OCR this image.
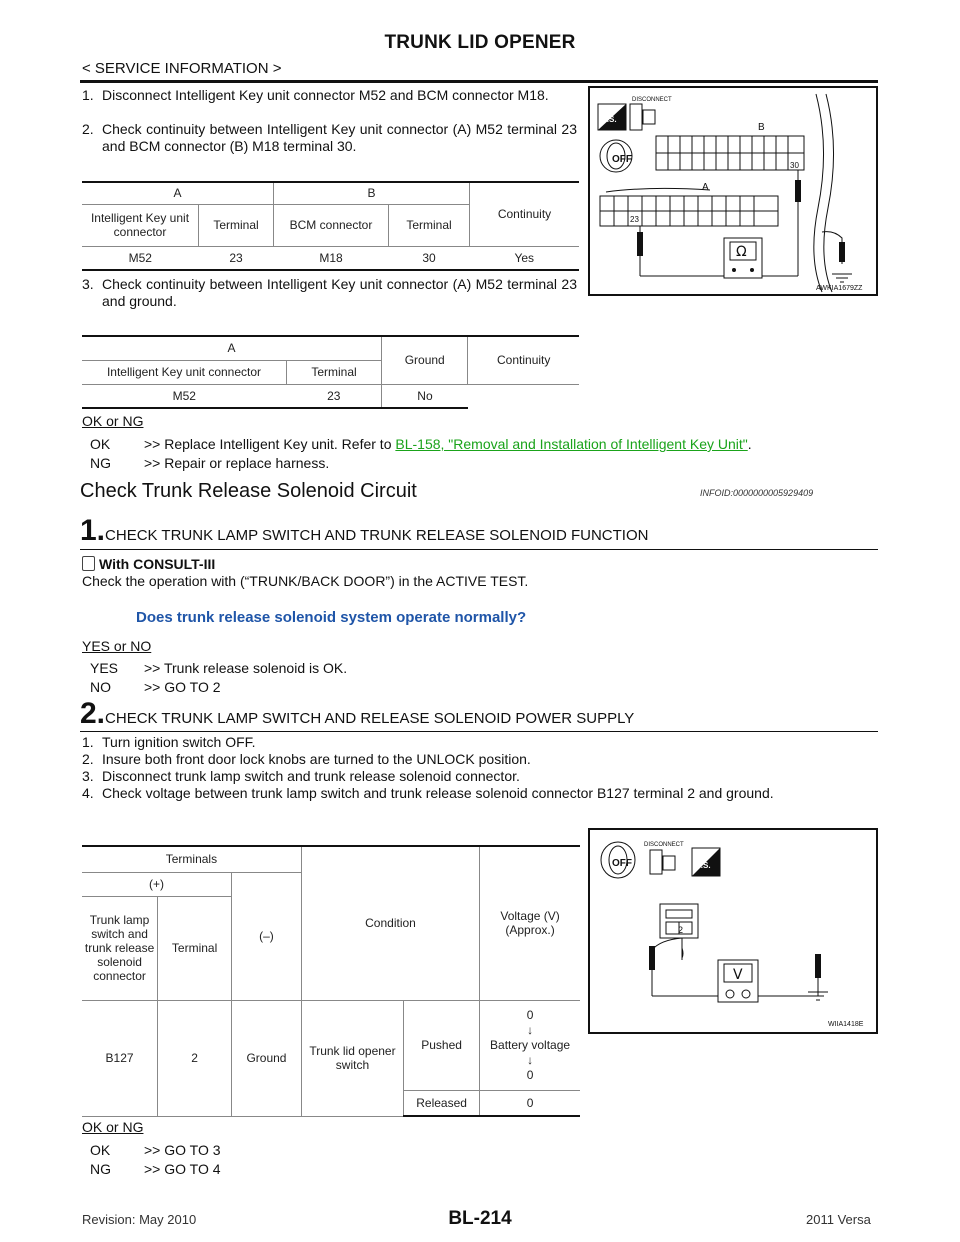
TRUNK LID OPENER
< SERVICE INFORMATION >
1. Disconnect Intelligent Key unit connector M52 and BCM connector M18.
2. Check continuity between Intelligent Key unit connector (A) M52 terminal 23 and BCM connector (B) M18 terminal 30.
A		B		Continuity
Intelligent Key unit connector	Terminal	BCM connector	Terminal	
M52	23	M18	30	Yes
3. Check continuity between Intelligent Key unit connector (A) M52 terminal 23 and ground.
A		Ground	Continuity
Intelligent Key unit connector	Terminal		
M52	23	No	
OK or NG
OK >> Replace Intelligent Key unit. Refer to BL-158, "Removal and Installation of Intelligent Key Unit".
NG >> Repair or replace harness.
Check Trunk Release Solenoid Circuit	INFOID:0000000005929409
1.CHECK TRUNK LAMP SWITCH AND TRUNK RELEASE SOLENOID FUNCTION
With CONSULT-III
Check the operation with (“TRUNK/BACK DOOR”) in the ACTIVE TEST.
Does trunk release solenoid system operate normally?
YES or NO
YES >> Trunk release solenoid is OK.
NO >> GO TO 2
2.CHECK TRUNK LAMP SWITCH AND RELEASE SOLENOID POWER SUPPLY
1. Turn ignition switch OFF.
2. Insure both front door lock knobs are turned to the UNLOCK position.
3. Disconnect trunk lamp switch and trunk release solenoid connector.
4. Check voltage between trunk lamp switch and trunk release solenoid connector B127 terminal 2 and ground.
Terminals			Condition		Voltage (V) (Approx.)
(+)		(–)			
Trunk lamp switch and trunk release solenoid connector	Terminal				
B127	2	Ground	Trunk lid opener switch	Pushed	0
↓
Battery voltage
↓
0

				Released	0
OK or NG
OK >> GO TO 3
NG >> GO TO 4
H.S.
DISCONNECT
OFF
B
30
A
23
Ω
AWKIA1679ZZ
OFF
DISCONNECT
H.S.
2
V
WIIA1418E
Revision: May 2010	BL-214	2011 Versa
